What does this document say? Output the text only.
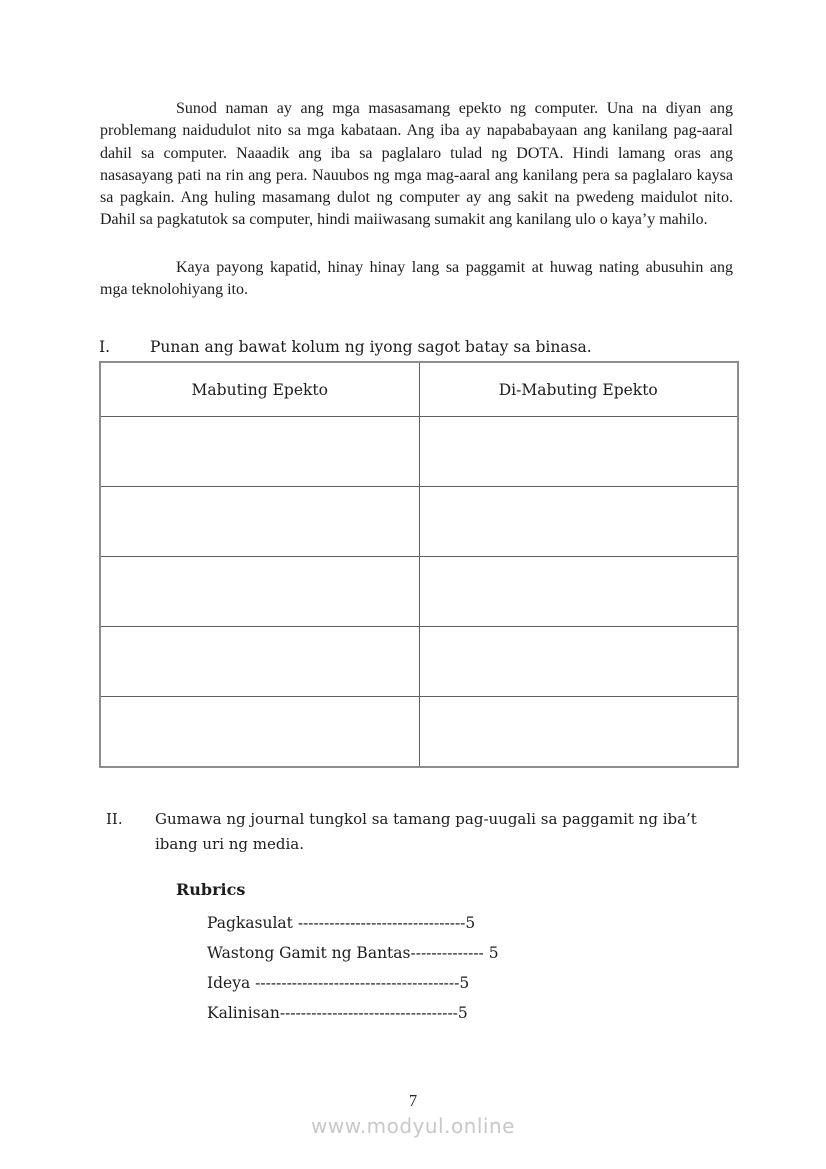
Sunod naman ay ang mga masasamang epekto ng computer. Una na diyan ang problemang naidudulot nito sa mga kabataan. Ang iba ay napababayaan ang kanilang pag-aaral dahil sa computer. Naaadik ang iba sa paglalaro tulad ng DOTA. Hindi lamang oras ang nasasayang pati na rin ang pera. Nauubos ng mga mag-aaral ang kanilang pera sa paglalaro kaysa sa pagkain. Ang huling masamang dulot ng computer ay ang sakit na pwedeng maidulot nito. Dahil sa pagkatutok sa computer, hindi maiiwasang sumakit ang kanilang ulo o kaya’y mahilo.

Kaya payong kapatid, hinay hinay lang sa paggamit at huwag nating abusuhin ang mga teknolohiyang ito.

I.	Punan ang bawat kolum ng iyong sagot batay sa binasa.
Mabuting Epekto	Di-Mabuting Epekto

II.	Gumawa ng journal tungkol sa tamang pag-uugali sa paggamit ng iba’t
ibang uri ng media.
Rubrics
Pagkasulat --------------------------------5
Wastong Gamit ng Bantas-------------- 5
Ideya ---------------------------------------5
Kalinisan----------------------------------5
7
www.modyul.online
